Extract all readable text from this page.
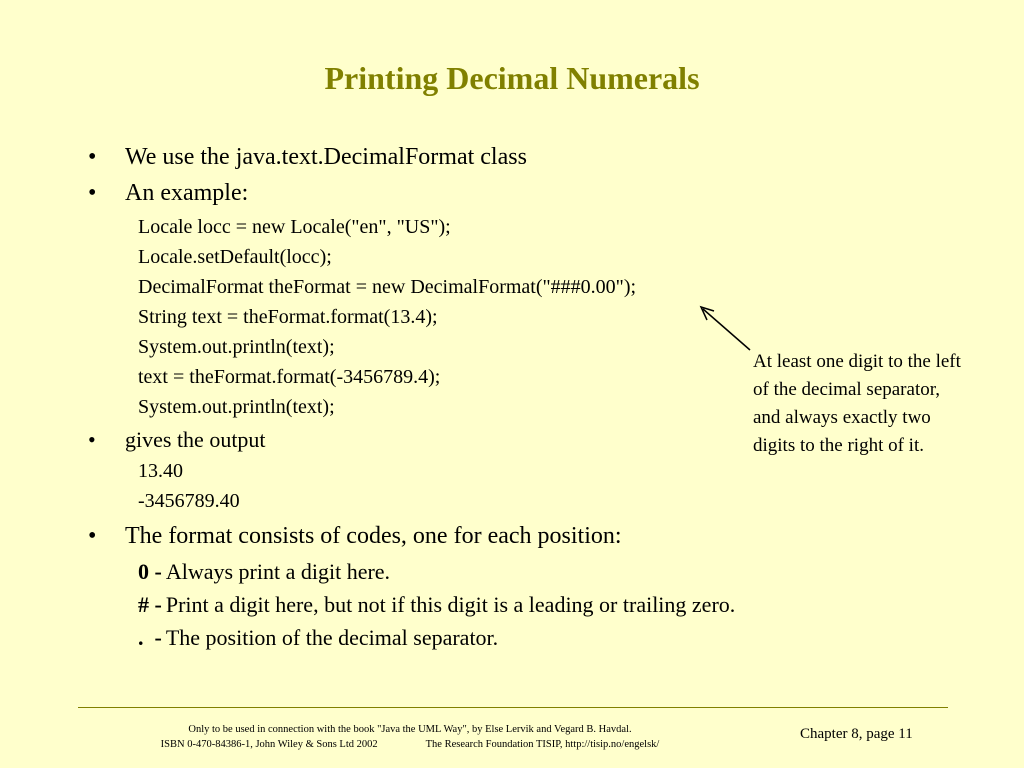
Printing Decimal Numerals
• We use the java.text.DecimalFormat class
• An example:
Locale locc = new Locale("en", "US");
Locale.setDefault(locc);
DecimalFormat theFormat = new DecimalFormat("###0.00");
String text = theFormat.format(13.4);
System.out.println(text);
text = theFormat.format(-3456789.4);
System.out.println(text);
• gives the output
13.40
-3456789.40
• The format consists of codes, one for each position:
0 - Always print a digit here.
# - Print a digit here, but not if this digit is a leading or trailing zero.
.  - The position of the decimal separator.
At least one digit to the left
of the decimal separator,
and always exactly two
digits to the right of it.
Only to be used in connection with the book "Java the UML Way", by Else Lervik and Vegard B. Havdal.
ISBN 0-470-84386-1, John Wiley & Sons Ltd 2002	The Research Foundation TISIP, http://tisip.no/engelsk/
Chapter 8, page 11
